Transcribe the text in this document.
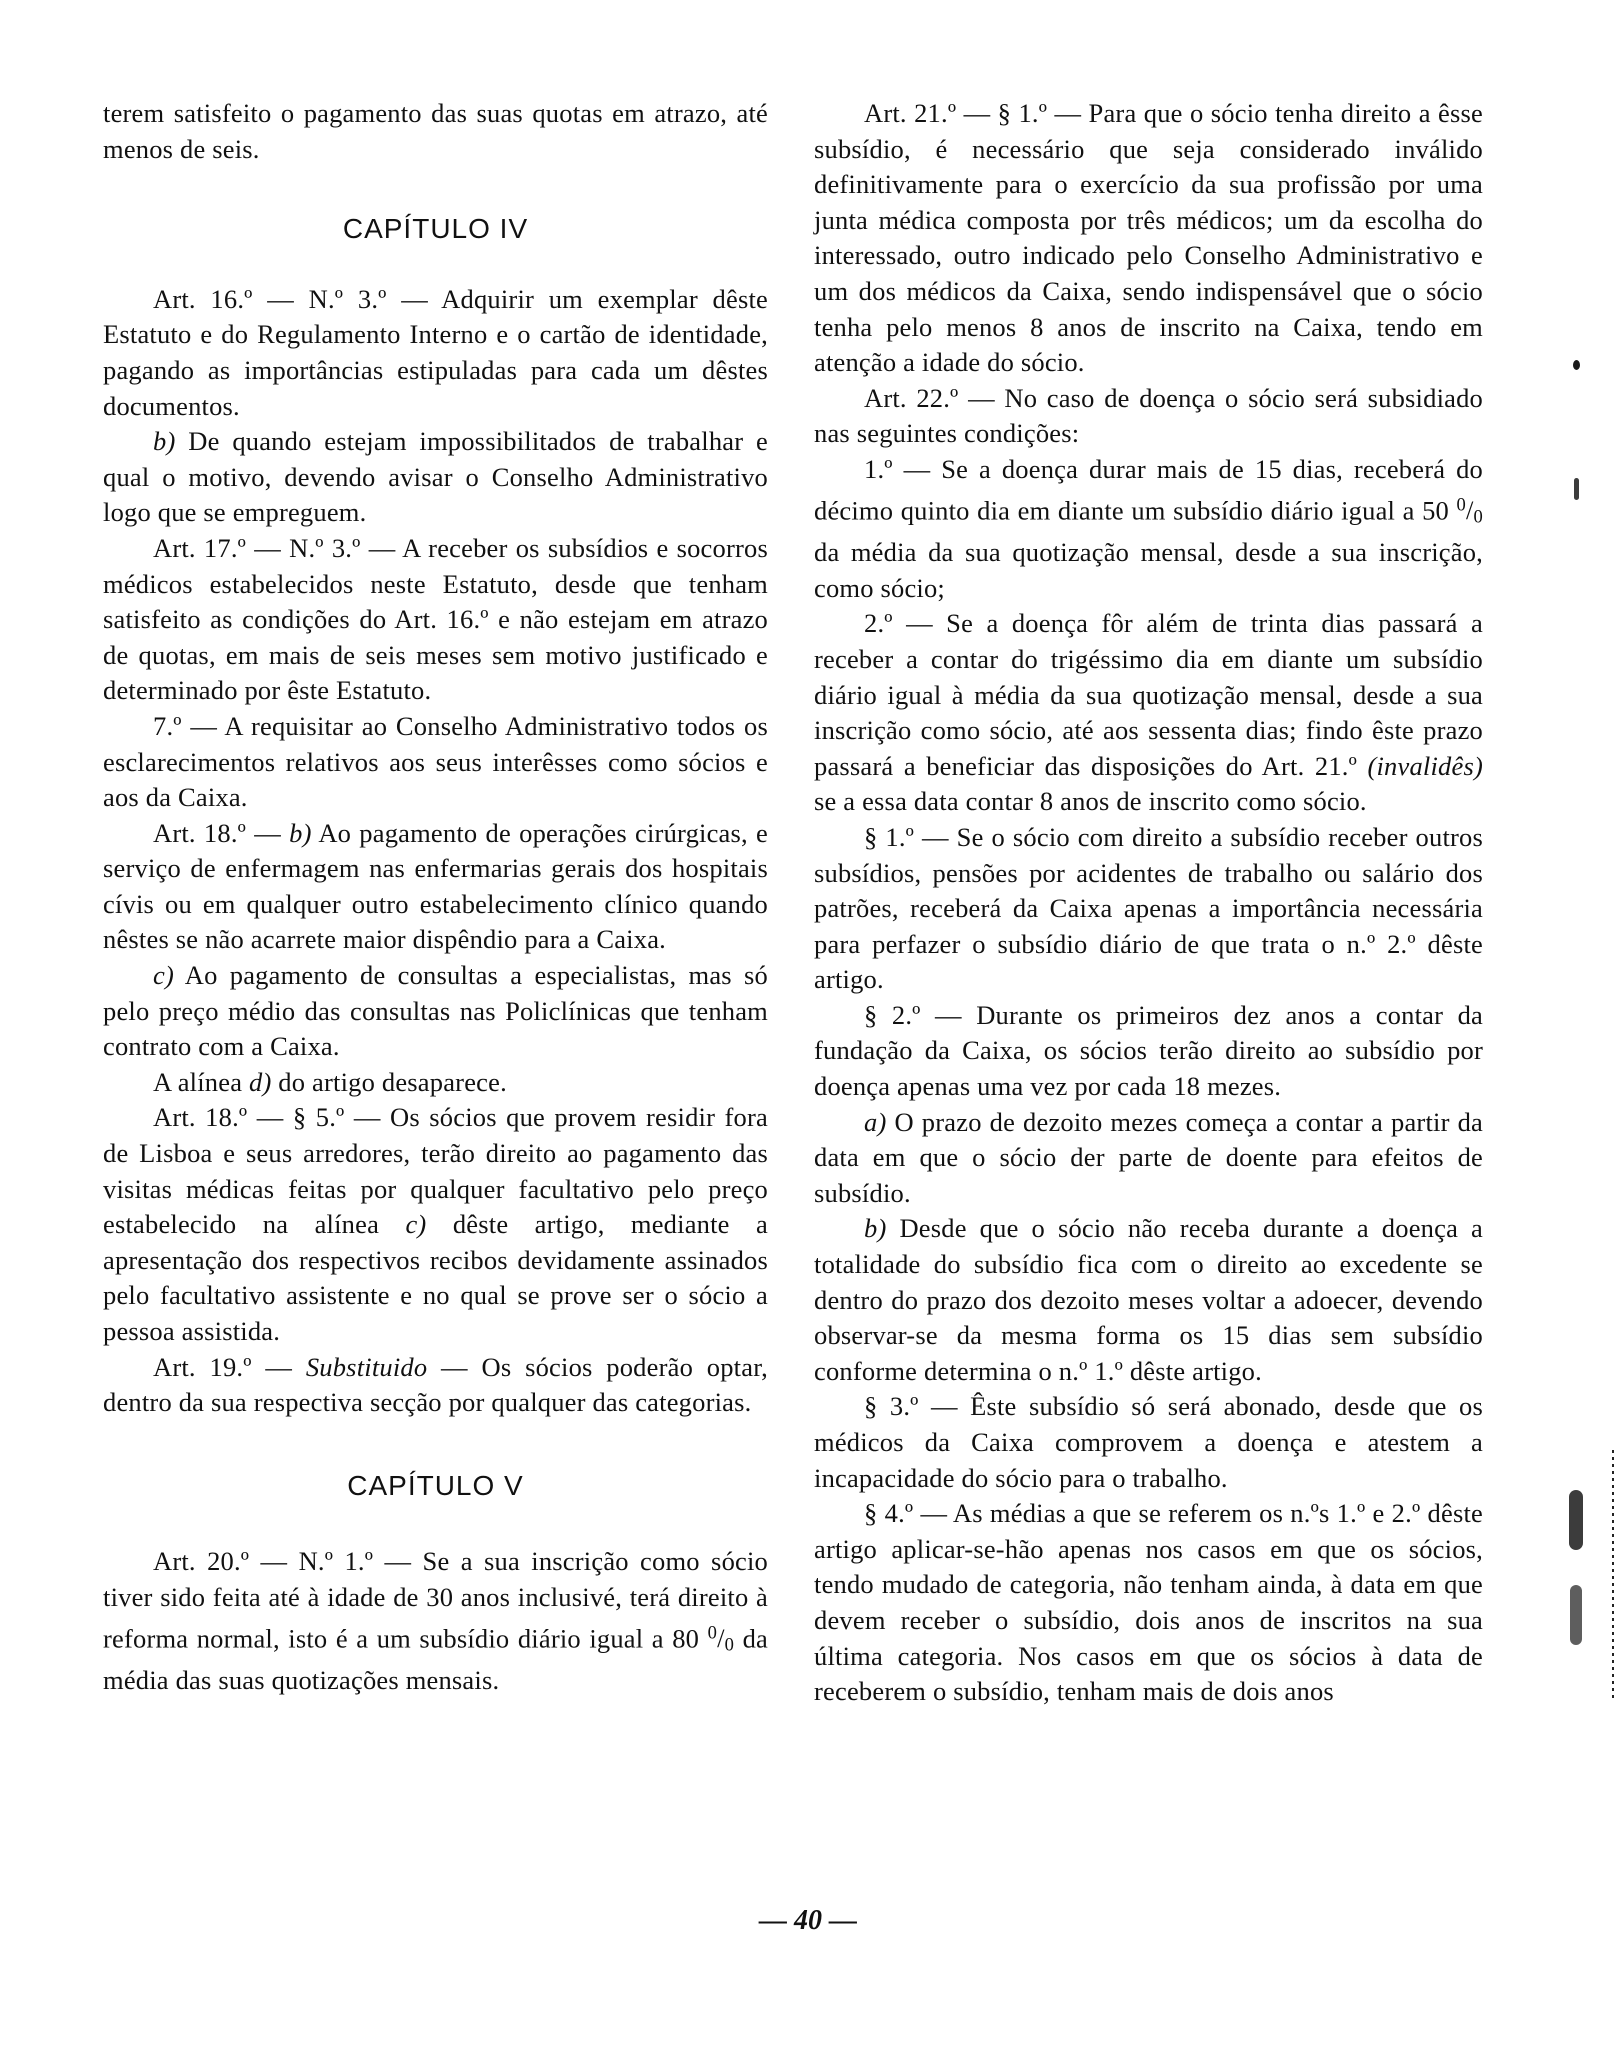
terem satisfeito o pagamento das suas quotas em atrazo, até menos de seis.

CAPÍTULO IV

Art. 16.º — N.º 3.º — Adquirir um exemplar dêste Estatuto e do Regulamento Interno e o cartão de identidade, pagando as importâncias estipuladas para cada um dêstes documentos.

b) De quando estejam impossibilitados de trabalhar e qual o motivo, devendo avisar o Conselho Administrativo logo que se empreguem.

Art. 17.º — N.º 3.º — A receber os subsídios e socorros médicos estabelecidos neste Estatuto, desde que tenham satisfeito as condições do Art. 16.º e não estejam em atrazo de quotas, em mais de seis meses sem motivo justificado e determinado por êste Estatuto.

7.º — A requisitar ao Conselho Administrativo todos os esclarecimentos relativos aos seus interêsses como sócios e aos da Caixa.

Art. 18.º — b) Ao pagamento de operações cirúrgicas, e serviço de enfermagem nas enfermarias gerais dos hospitais cívis ou em qualquer outro estabelecimento clínico quando nêstes se não acarrete maior dispêndio para a Caixa.

c) Ao pagamento de consultas a especialistas, mas só pelo preço médio das consultas nas Policlínicas que tenham contrato com a Caixa.

A alínea d) do artigo desaparece.

Art. 18.º — § 5.º — Os sócios que provem residir fora de Lisboa e seus arredores, terão direito ao pagamento das visitas médicas feitas por qualquer facultativo pelo preço estabelecido na alínea c) dêste artigo, mediante a apresentação dos respectivos recibos devidamente assinados pelo facultativo assistente e no qual se prove ser o sócio a pessoa assistida.

Art. 19.º — Substituido — Os sócios poderão optar, dentro da sua respectiva secção por qualquer das categorias.

CAPÍTULO V

Art. 20.º — N.º 1.º — Se a sua inscrição como sócio tiver sido feita até à idade de 30 anos inclusivé, terá direito à reforma normal, isto é a um subsídio diário igual a 80 $^0/_0$ da média das suas quotizações mensais.

Art. 21.º — § 1.º — Para que o sócio tenha direito a êsse subsídio, é necessário que seja considerado inválido definitivamente para o exercício da sua profissão por uma junta médica composta por três médicos; um da escolha do interessado, outro indicado pelo Conselho Administrativo e um dos médicos da Caixa, sendo indispensável que o sócio tenha pelo menos 8 anos de inscrito na Caixa, tendo em atenção a idade do sócio.

Art. 22.º — No caso de doença o sócio será subsidiado nas seguintes condições:

1.º — Se a doença durar mais de 15 dias, receberá do décimo quinto dia em diante um subsídio diário igual a 50 $^0/_0$ da média da sua quotização mensal, desde a sua inscrição, como sócio;

2.º — Se a doença fôr além de trinta dias passará a receber a contar do trigéssimo dia em diante um subsídio diário igual à média da sua quotização mensal, desde a sua inscrição como sócio, até aos sessenta dias; findo êste prazo passará a beneficiar das disposições do Art. 21.º (invalidês) se a essa data contar 8 anos de inscrito como sócio.

§ 1.º — Se o sócio com direito a subsídio receber outros subsídios, pensões por acidentes de trabalho ou salário dos patrões, receberá da Caixa apenas a importância necessária para perfazer o subsídio diário de que trata o n.º 2.º dêste artigo.

§ 2.º — Durante os primeiros dez anos a contar da fundação da Caixa, os sócios terão direito ao subsídio por doença apenas uma vez por cada 18 mezes.

a) O prazo de dezoito mezes começa a contar a partir da data em que o sócio der parte de doente para efeitos de subsídio.

b) Desde que o sócio não receba durante a doença a totalidade do subsídio fica com o direito ao excedente se dentro do prazo dos dezoito meses voltar a adoecer, devendo observar-se da mesma forma os 15 dias sem subsídio conforme determina o n.º 1.º dêste artigo.

§ 3.º — Êste subsídio só será abonado, desde que os médicos da Caixa comprovem a doença e atestem a incapacidade do sócio para o trabalho.

§ 4.º — As médias a que se referem os n.ºs 1.º e 2.º dêste artigo aplicar-se-hão apenas nos casos em que os sócios, tendo mudado de categoria, não tenham ainda, à data em que devem receber o subsídio, dois anos de inscritos na sua última categoria. Nos casos em que os sócios à data de receberem o subsídio, tenham mais de dois anos

— 40 —
